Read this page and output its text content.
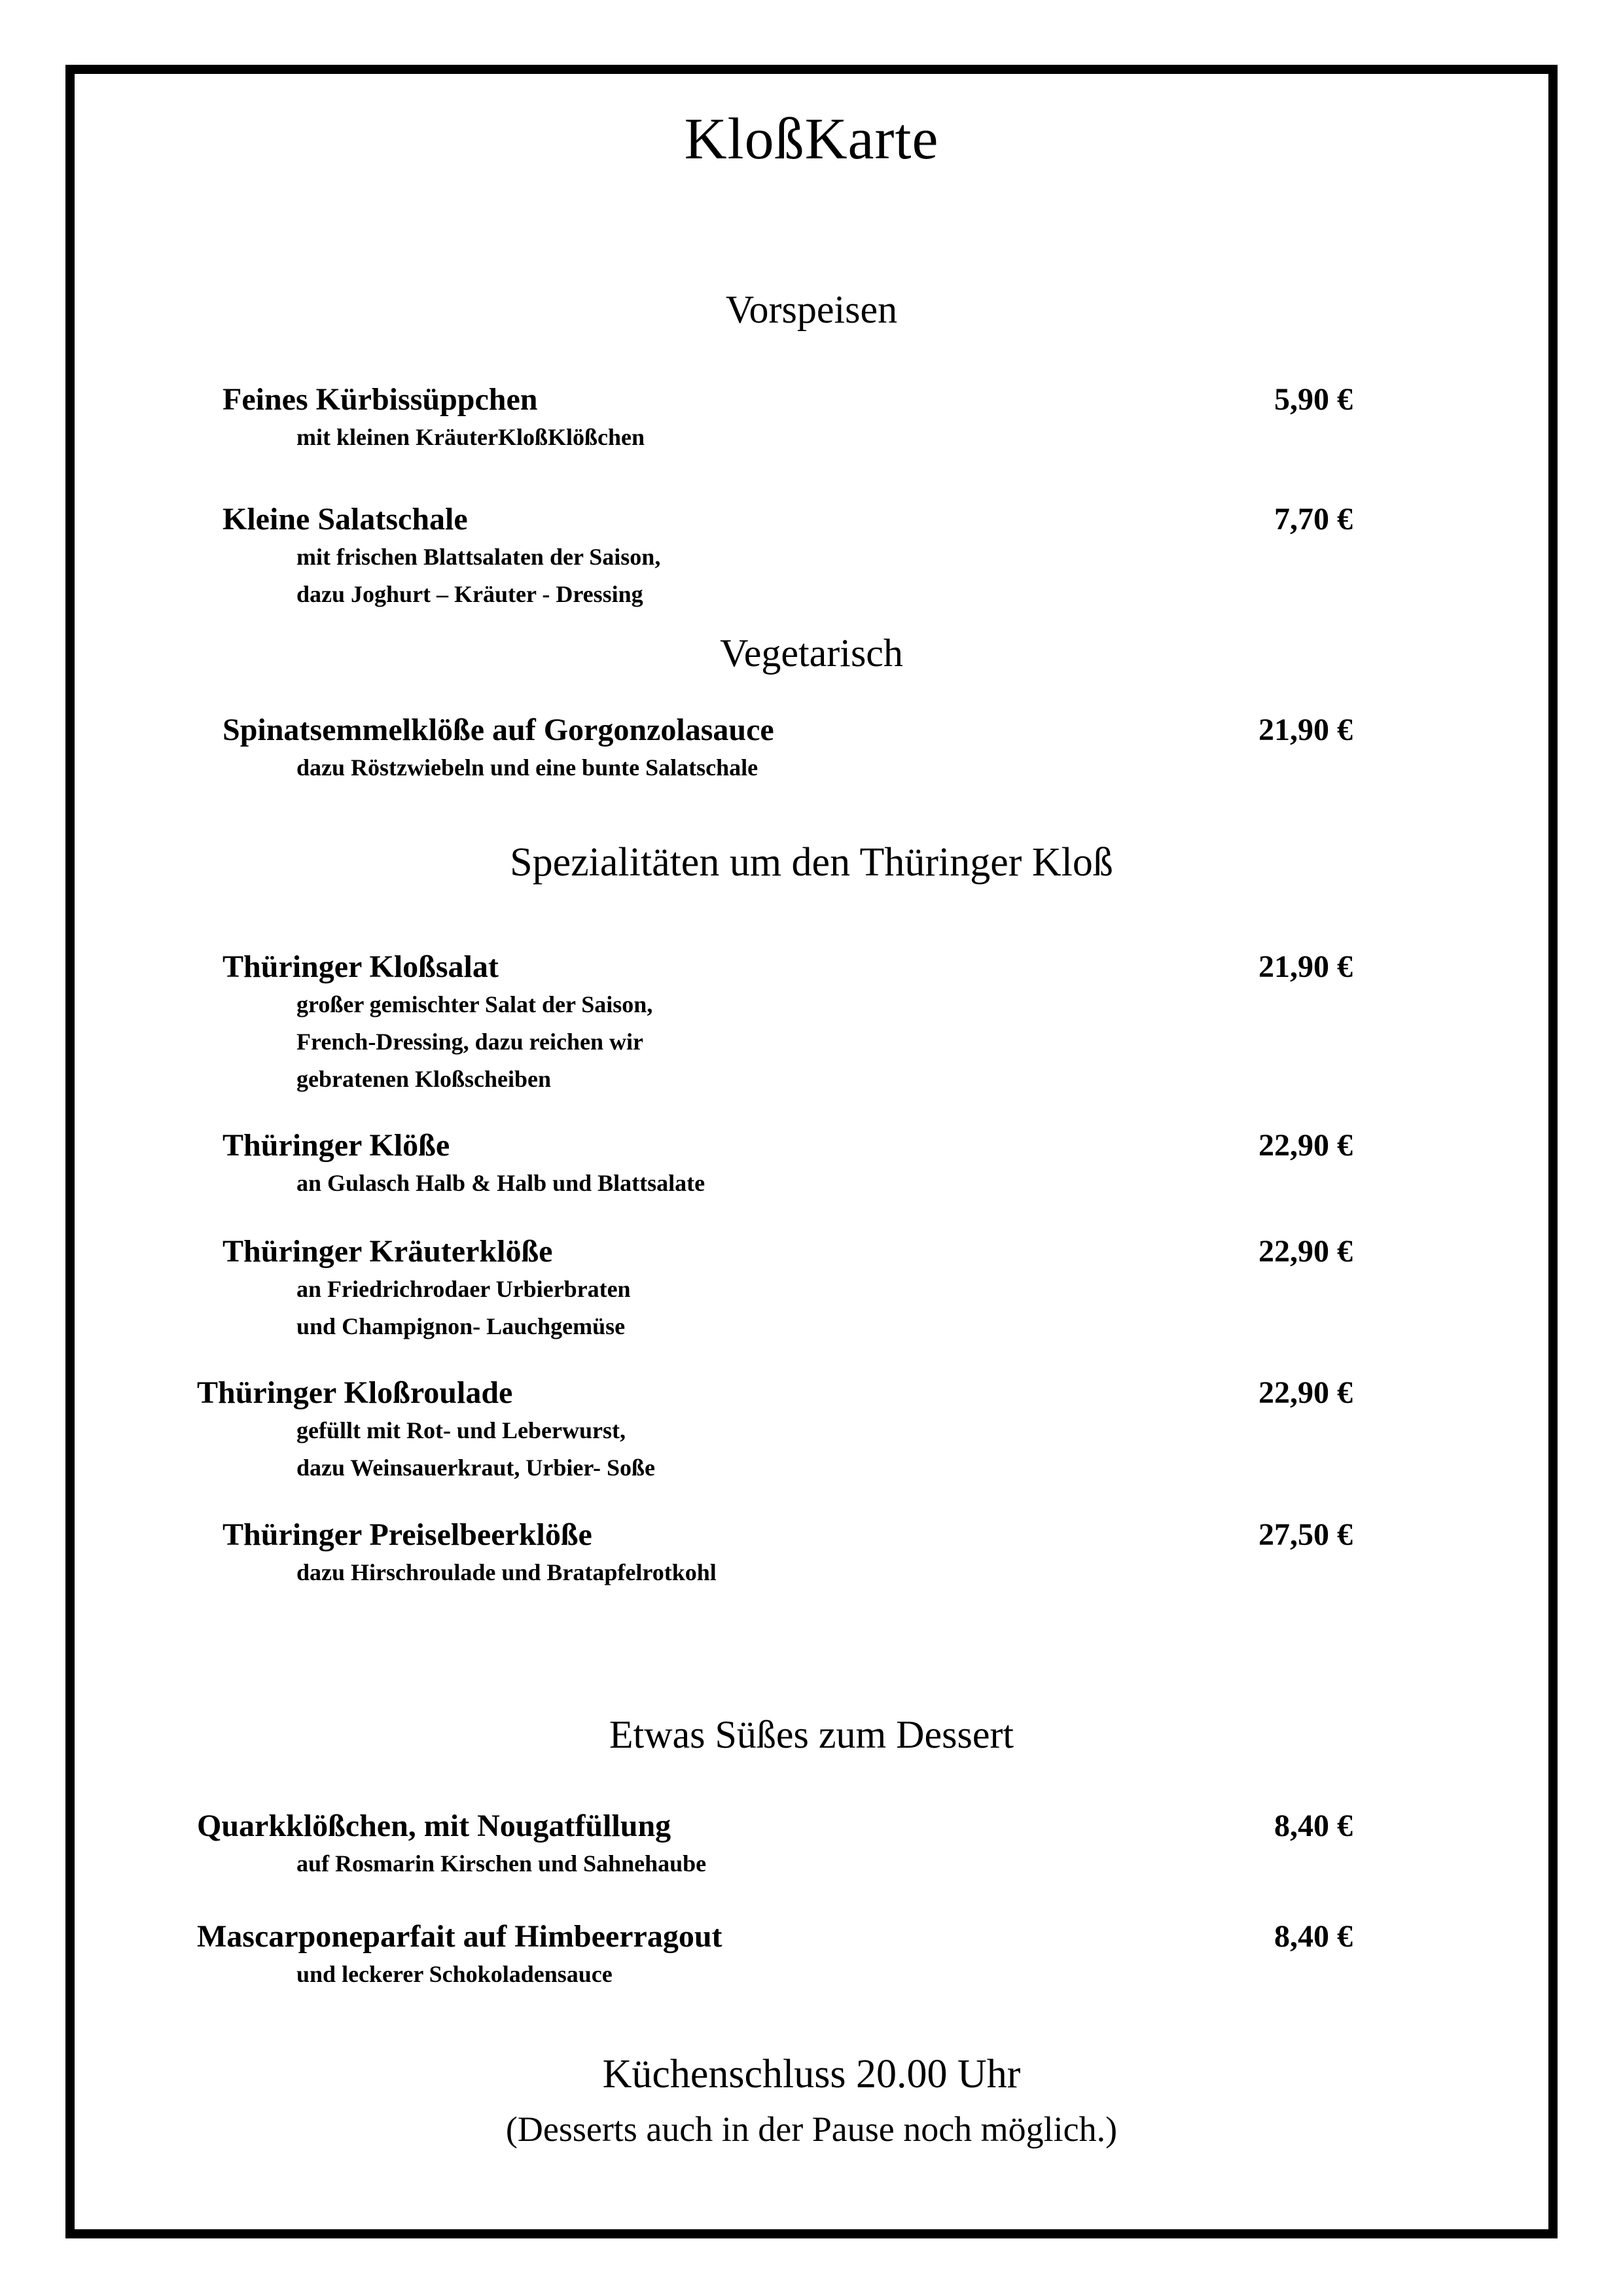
KloßKarte
Vorspeisen
Feines Kürbissüppchen	5,90 €
mit kleinen KräuterKloßKlößchen
Kleine Salatschale	7,70 €
mit frischen Blattsalaten der Saison,
dazu Joghurt – Kräuter - Dressing
Vegetarisch
Spinatsemmelklöße auf Gorgonzolasauce	21,90 €
dazu Röstzwiebeln und eine bunte Salatschale
Spezialitäten um den Thüringer Kloß
Thüringer Kloßsalat	21,90 €
großer gemischter Salat der Saison,
French-Dressing, dazu reichen wir
gebratenen Kloßscheiben
Thüringer Klöße	22,90 €
an Gulasch Halb & Halb und Blattsalate
Thüringer Kräuterklöße	22,90 €
an Friedrichrodaer Urbierbraten
und Champignon- Lauchgemüse
Thüringer Kloßroulade	22,90 €
gefüllt mit Rot- und Leberwurst,
dazu Weinsauerkraut, Urbier- Soße
Thüringer Preiselbeerklöße	27,50 €
dazu Hirschroulade und Bratapfelrotkohl
Etwas Süßes zum Dessert
Quarkklößchen, mit Nougatfüllung	8,40 €
auf Rosmarin Kirschen und Sahnehaube
Mascarponeparfait auf Himbeerragout	8,40 €
und leckerer Schokoladensauce
Küchenschluss 20.00 Uhr
(Desserts auch in der Pause noch möglich.)
